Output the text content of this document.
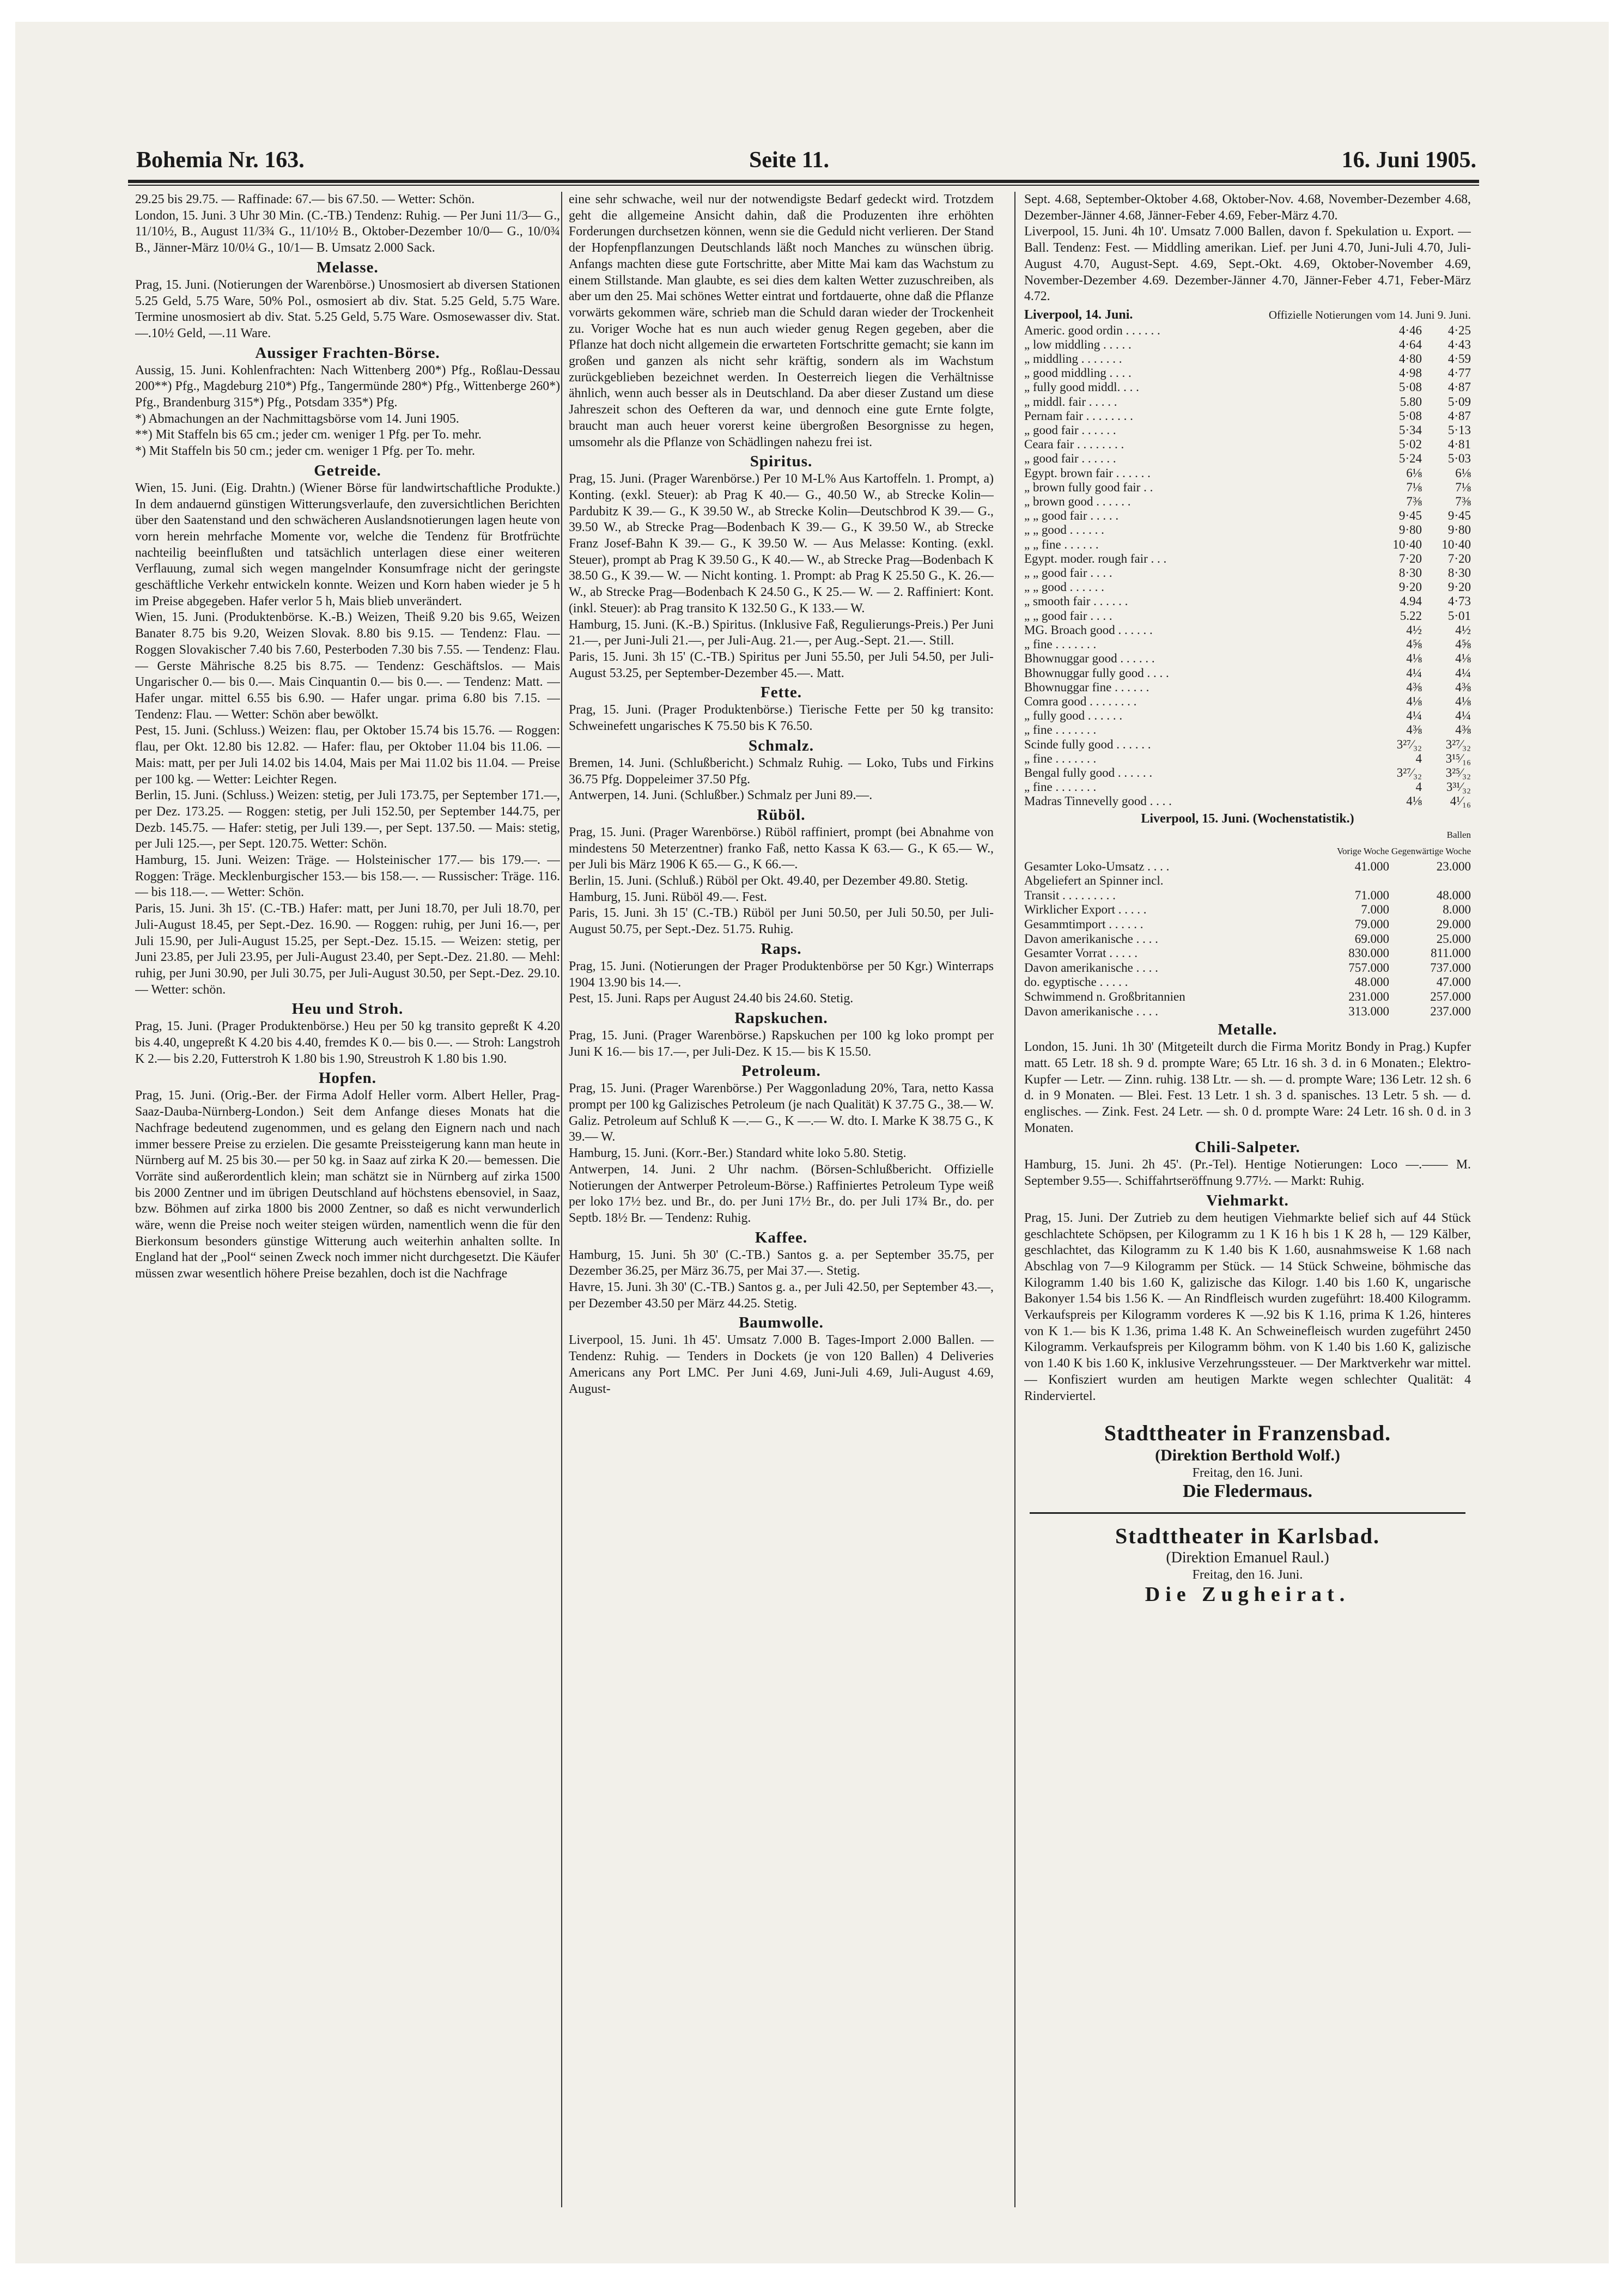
Bohemia Nr. 163.	Seite 11.	16. Juni 1905.

29.25 bis 29.75. — Raffinade: 67.— bis 67.50. — Wetter: Schön.

London, 15. Juni. 3 Uhr 30 Min. (C.-TB.) Tendenz: Ruhig. — Per Juni 11/3— G., 11/10½, B., August 11/3¾ G., 11/10½ B., Oktober-Dezember 10/0— G., 10/0¾ B., Jänner-März 10/0¼ G., 10/1— B. Umsatz 2.000 Sack.

Melasse.

Prag, 15. Juni. (Notierungen der Warenbörse.) Unosmosiert ab diversen Stationen 5.25 Geld, 5.75 Ware, 50% Pol., osmosiert ab div. Stat. 5.25 Geld, 5.75 Ware. Termine unosmosiert ab div. Stat. 5.25 Geld, 5.75 Ware. Osmosewasser div. Stat. —.10½ Geld, —.11 Ware.

Aussiger Frachten-Börse.

Aussig, 15. Juni. Kohlenfrachten: Nach Wittenberg 200*) Pfg., Roßlau-Dessau 200**) Pfg., Magdeburg 210*) Pfg., Tangermünde 280*) Pfg., Wittenberge 260*) Pfg., Brandenburg 315*) Pfg., Potsdam 335*) Pfg.

*) Abmachungen an der Nachmittagsbörse vom 14. Juni 1905.

**) Mit Staffeln bis 65 cm.; jeder cm. weniger 1 Pfg. per To. mehr.

*) Mit Staffeln bis 50 cm.; jeder cm. weniger 1 Pfg. per To. mehr.

Getreide.

Wien, 15. Juni. (Eig. Drahtn.) (Wiener Börse für landwirtschaftliche Produkte.) In dem andauernd günstigen Witterungsverlaufe, den zuversichtlichen Berichten über den Saatenstand und den schwächeren Auslandsnotierungen lagen heute von vorn herein mehrfache Momente vor, welche die Tendenz für Brotfrüchte nachteilig beeinflußten und tatsächlich unterlagen diese einer weiteren Verflauung, zumal sich wegen mangelnder Konsumfrage nicht der geringste geschäftliche Verkehr entwickeln konnte. Weizen und Korn haben wieder je 5 h im Preise abgegeben. Hafer verlor 5 h, Mais blieb unverändert.

Wien, 15. Juni. (Produktenbörse. K.-B.) Weizen, Theiß 9.20 bis 9.65, Weizen Banater 8.75 bis 9.20, Weizen Slovak. 8.80 bis 9.15. — Tendenz: Flau. — Roggen Slovakischer 7.40 bis 7.60, Pesterboden 7.30 bis 7.55. — Tendenz: Flau. — Gerste Mährische 8.25 bis 8.75. — Tendenz: Geschäftslos. — Mais Ungarischer 0.— bis 0.—. Mais Cinquantin 0.— bis 0.—. — Tendenz: Matt. — Hafer ungar. mittel 6.55 bis 6.90. — Hafer ungar. prima 6.80 bis 7.15. — Tendenz: Flau. — Wetter: Schön aber bewölkt.

Pest, 15. Juni. (Schluss.) Weizen: flau, per Oktober 15.74 bis 15.76. — Roggen: flau, per Okt. 12.80 bis 12.82. — Hafer: flau, per Oktober 11.04 bis 11.06. — Mais: matt, per per Juli 14.02 bis 14.04, Mais per Mai 11.02 bis 11.04. — Preise per 100 kg. — Wetter: Leichter Regen.

Berlin, 15. Juni. (Schluss.) Weizen: stetig, per Juli 173.75, per September 171.—, per Dez. 173.25. — Roggen: stetig, per Juli 152.50, per September 144.75, per Dezb. 145.75. — Hafer: stetig, per Juli 139.—, per Sept. 137.50. — Mais: stetig, per Juli 125.—, per Sept. 120.75. Wetter: Schön.

Hamburg, 15. Juni. Weizen: Träge. — Holsteinischer 177.— bis 179.—. — Roggen: Träge. Mecklenburgischer 153.— bis 158.—. — Russischer: Träge. 116.— bis 118.—. — Wetter: Schön.

Paris, 15. Juni. 3h 15'. (C.-TB.) Hafer: matt, per Juni 18.70, per Juli 18.70, per Juli-August 18.45, per Sept.-Dez. 16.90. — Roggen: ruhig, per Juni 16.—, per Juli 15.90, per Juli-August 15.25, per Sept.-Dez. 15.15. — Weizen: stetig, per Juni 23.85, per Juli 23.95, per Juli-August 23.40, per Sept.-Dez. 21.80. — Mehl: ruhig, per Juni 30.90, per Juli 30.75, per Juli-August 30.50, per Sept.-Dez. 29.10. — Wetter: schön.

Heu und Stroh.

Prag, 15. Juni. (Prager Produktenbörse.) Heu per 50 kg transito gepreßt K 4.20 bis 4.40, ungepreßt K 4.20 bis 4.40, fremdes K 0.— bis 0.—. — Stroh: Langstroh K 2.— bis 2.20, Futterstroh K 1.80 bis 1.90, Streustroh K 1.80 bis 1.90.

Hopfen.

Prag, 15. Juni. (Orig.-Ber. der Firma Adolf Heller vorm. Albert Heller, Prag-Saaz-Dauba-Nürnberg-London.) Seit dem Anfange dieses Monats hat die Nachfrage bedeutend zugenommen, und es gelang den Eignern nach und nach immer bessere Preise zu erzielen. Die gesamte Preissteigerung kann man heute in Nürnberg auf M. 25 bis 30.— per 50 kg. in Saaz auf zirka K 20.— bemessen. Die Vorräte sind außerordentlich klein; man schätzt sie in Nürnberg auf zirka 1500 bis 2000 Zentner und im übrigen Deutschland auf höchstens ebensoviel, in Saaz, bzw. Böhmen auf zirka 1800 bis 2000 Zentner, so daß es nicht verwunderlich wäre, wenn die Preise noch weiter steigen würden, namentlich wenn die für den Bierkonsum besonders günstige Witterung auch weiterhin anhalten sollte. In England hat der „Pool“ seinen Zweck noch immer nicht durchgesetzt. Die Käufer müssen zwar wesentlich höhere Preise bezahlen, doch ist die Nachfrage

eine sehr schwache, weil nur der notwendigste Bedarf gedeckt wird. Trotzdem geht die allgemeine Ansicht dahin, daß die Produzenten ihre erhöhten Forderungen durchsetzen können, wenn sie die Geduld nicht verlieren. Der Stand der Hopfenpflanzungen Deutschlands läßt noch Manches zu wünschen übrig. Anfangs machten diese gute Fortschritte, aber Mitte Mai kam das Wachstum zu einem Stillstande. Man glaubte, es sei dies dem kalten Wetter zuzuschreiben, als aber um den 25. Mai schönes Wetter eintrat und fortdauerte, ohne daß die Pflanze vorwärts gekommen wäre, schrieb man die Schuld daran wieder der Trockenheit zu. Voriger Woche hat es nun auch wieder genug Regen gegeben, aber die Pflanze hat doch nicht allgemein die erwarteten Fortschritte gemacht; sie kann im großen und ganzen als nicht sehr kräftig, sondern als im Wachstum zurückgeblieben bezeichnet werden. In Oesterreich liegen die Verhältnisse ähnlich, wenn auch besser als in Deutschland. Da aber dieser Zustand um diese Jahreszeit schon des Oefteren da war, und dennoch eine gute Ernte folgte, braucht man auch heuer vorerst keine übergroßen Besorgnisse zu hegen, umsomehr als die Pflanze von Schädlingen nahezu frei ist.

Spiritus.

Prag, 15. Juni. (Prager Warenbörse.) Per 10 M-L% Aus Kartoffeln. 1. Prompt, a) Konting. (exkl. Steuer): ab Prag K 40.— G., 40.50 W., ab Strecke Kolin—Pardubitz K 39.— G., K 39.50 W., ab Strecke Kolin—Deutschbrod K 39.— G., 39.50 W., ab Strecke Prag—Bodenbach K 39.— G., K 39.50 W., ab Strecke Franz Josef-Bahn K 39.— G., K 39.50 W. — Aus Melasse: Konting. (exkl. Steuer), prompt ab Prag K 39.50 G., K 40.— W., ab Strecke Prag—Bodenbach K 38.50 G., K 39.— W. — Nicht konting. 1. Prompt: ab Prag K 25.50 G., K. 26.— W., ab Strecke Prag—Bodenbach K 24.50 G., K 25.— W. — 2. Raffiniert: Kont. (inkl. Steuer): ab Prag transito K 132.50 G., K 133.— W.

Hamburg, 15. Juni. (K.-B.) Spiritus. (Inklusive Faß, Regulierungs-Preis.) Per Juni 21.—, per Juni-Juli 21.—, per Juli-Aug. 21.—, per Aug.-Sept. 21.—. Still.

Paris, 15. Juni. 3h 15' (C.-TB.) Spiritus per Juni 55.50, per Juli 54.50, per Juli-August 53.25, per September-Dezember 45.—. Matt.

Fette.

Prag, 15. Juni. (Prager Produktenbörse.) Tierische Fette per 50 kg transito: Schweinefett ungarisches K 75.50 bis K 76.50.

Schmalz.

Bremen, 14. Juni. (Schlußbericht.) Schmalz Ruhig. — Loko, Tubs und Firkins 36.75 Pfg. Doppeleimer 37.50 Pfg.

Antwerpen, 14. Juni. (Schlußber.) Schmalz per Juni 89.—.

Rüböl.

Prag, 15. Juni. (Prager Warenbörse.) Rüböl raffiniert, prompt (bei Abnahme von mindestens 50 Meterzentner) franko Faß, netto Kassa K 63.— G., K 65.— W., per Juli bis März 1906 K 65.— G., K 66.—.

Berlin, 15. Juni. (Schluß.) Rüböl per Okt. 49.40, per Dezember 49.80. Stetig.

Hamburg, 15. Juni. Rüböl 49.—. Fest.

Paris, 15. Juni. 3h 15' (C.-TB.) Rüböl per Juni 50.50, per Juli 50.50, per Juli-August 50.75, per Sept.-Dez. 51.75. Ruhig.

Raps.

Prag, 15. Juni. (Notierungen der Prager Produktenbörse per 50 Kgr.) Winterraps 1904 13.90 bis 14.—.

Pest, 15. Juni. Raps per August 24.40 bis 24.60. Stetig.

Rapskuchen.

Prag, 15. Juni. (Prager Warenbörse.) Rapskuchen per 100 kg loko prompt per Juni K 16.— bis 17.—, per Juli-Dez. K 15.— bis K 15.50.

Petroleum.

Prag, 15. Juni. (Prager Warenbörse.) Per Waggonladung 20%, Tara, netto Kassa prompt per 100 kg Galizisches Petroleum (je nach Qualität) K 37.75 G., 38.— W. Galiz. Petroleum auf Schluß K —.— G., K —.— W. dto. I. Marke K 38.75 G., K 39.— W.

Hamburg, 15. Juni. (Korr.-Ber.) Standard white loko 5.80. Stetig.

Antwerpen, 14. Juni. 2 Uhr nachm. (Börsen-Schlußbericht. Offizielle Notierungen der Antwerper Petroleum-Börse.) Raffiniertes Petroleum Type weiß per loko 17½ bez. und Br., do. per Juni 17½ Br., do. per Juli 17¾ Br., do. per Septb. 18½ Br. — Tendenz: Ruhig.

Kaffee.

Hamburg, 15. Juni. 5h 30' (C.-TB.) Santos g. a. per September 35.75, per Dezember 36.25, per März 36.75, per Mai 37.—. Stetig.

Havre, 15. Juni. 3h 30' (C.-TB.) Santos g. a., per Juli 42.50, per September 43.—, per Dezember 43.50 per März 44.25. Stetig.

Baumwolle.

Liverpool, 15. Juni. 1h 45'. Umsatz 7.000 B. Tages-Import 2.000 Ballen. — Tendenz: Ruhig. — Tenders in Dockets (je von 120 Ballen) 4 Deliveries Americans any Port LMC. Per Juni 4.69, Juni-Juli 4.69, Juli-August 4.69, August-

Sept. 4.68, September-Oktober 4.68, Oktober-Nov. 4.68, November-Dezember 4.68, Dezember-Jänner 4.68, Jänner-Feber 4.69, Feber-März 4.70.

Liverpool, 15. Juni. 4h 10'. Umsatz 7.000 Ballen, davon f. Spekulation u. Export. — Ball. Tendenz: Fest. — Middling amerikan. Lief. per Juni 4.70, Juni-Juli 4.70, Juli-August 4.70, August-Sept. 4.69, Sept.-Okt. 4.69, Oktober-November 4.69, November-Dezember 4.69. Dezember-Jänner 4.70, Jänner-Feber 4.71, Feber-März 4.72.

Liverpool, 14. Juni.	Offizielle Notierungen vom 14. Juni 9. Juni.
Americ. good ordin . . . . . .	4·46	4·25
„ low middling . . . . .	4·64	4·43
„ middling . . . . . . .	4·80	4·59
„ good middling . . . .	4·98	4·77
„ fully good middl. . . .	5·08	4·87
„ middl. fair . . . . .	5.80	5·09
Pernam fair . . . . . . . .	5·08	4·87
„ good fair . . . . . .	5·34	5·13
Ceara fair . . . . . . . .	5·02	4·81
„ good fair . . . . . .	5·24	5·03
Egypt. brown fair . . . . . .	6⅛	6⅛
„ brown fully good fair . .	7⅛	7⅛
„ brown good . . . . . .	7⅜	7⅜
„ „ good fair . . . . .	9·45	9·45
„ „ good . . . . . .	9·80	9·80
„ „ fine . . . . . .	10·40	10·40
Egypt. moder. rough fair . . .	7·20	7·20
„ „ good fair . . . .	8·30	8·30
„ „ good . . . . . .	9·20	9·20
„ smooth fair . . . . . .	4.94	4·73
„ „ good fair . . . .	5.22	5·01
MG. Broach good . . . . . .	4½	4½
„ fine . . . . . . .	4⅝	4⅝
Bhownuggar good . . . . . .	4⅛	4⅛
Bhownuggar fully good . . . .	4¼	4¼
Bhownuggar fine . . . . . .	4⅜	4⅜
Comra good . . . . . . . .	4⅛	4⅛
„ fully good . . . . . .	4¼	4¼
„ fine . . . . . . .	4⅜	4⅜
Scinde fully good . . . . . .	3²⁷⁄₃₂	3²⁷⁄₃₂
„ fine . . . . . . .	4	3¹⁵⁄₁₆
Bengal fully good . . . . . .	3²⁷⁄₃₂	3²⁵⁄₃₂
„ fine . . . . . . .	4	3³¹⁄₃₂
Madras Tinnevelly good . . . .	4⅛	4¹⁄₁₆
Liverpool, 15. Juni. (Wochenstatistik.)
Ballen
Vorige Woche Gegenwärtige Woche
Gesamter Loko-Umsatz . . . .	41.000	23.000
Abgeliefert an Spinner incl.		
Transit . . . . . . . . .	71.000	48.000
Wirklicher Export . . . . .	7.000	8.000
Gesammtimport . . . . . .	79.000	29.000
Davon amerikanische . . . .	69.000	25.000
Gesamter Vorrat . . . . .	830.000	811.000
Davon amerikanische . . . .	757.000	737.000
do. egyptische . . . . .	48.000	47.000
Schwimmend n. Großbritannien	231.000	257.000
Davon amerikanische . . . .	313.000	237.000
Metalle.

London, 15. Juni. 1h 30' (Mitgeteilt durch die Firma Moritz Bondy in Prag.) Kupfer matt. 65 Letr. 18 sh. 9 d. prompte Ware; 65 Ltr. 16 sh. 3 d. in 6 Monaten.; Elektro-Kupfer — Letr. — Zinn. ruhig. 138 Ltr. — sh. — d. prompte Ware; 136 Letr. 12 sh. 6 d. in 9 Monaten. — Blei. Fest. 13 Letr. 1 sh. 3 d. spanisches. 13 Letr. 5 sh. — d. englisches. — Zink. Fest. 24 Letr. — sh. 0 d. prompte Ware: 24 Letr. 16 sh. 0 d. in 3 Monaten.

Chili-Salpeter.

Hamburg, 15. Juni. 2h 45'. (Pr.-Tel). Hentige Notierungen: Loco —.—— M. September 9.55—. Schiffahrtseröffnung 9.77½. — Markt: Ruhig.

Viehmarkt.

Prag, 15. Juni. Der Zutrieb zu dem heutigen Viehmarkte belief sich auf 44 Stück geschlachtete Schöpsen, per Kilogramm zu 1 K 16 h bis 1 K 28 h, — 129 Kälber, geschlachtet, das Kilogramm zu K 1.40 bis K 1.60, ausnahmsweise K 1.68 nach Abschlag von 7—9 Kilogramm per Stück. — 14 Stück Schweine, böhmische das Kilogramm 1.40 bis 1.60 K, galizische das Kilogr. 1.40 bis 1.60 K, ungarische Bakonyer 1.54 bis 1.56 K. — An Rindfleisch wurden zugeführt: 18.400 Kilogramm. Verkaufspreis per Kilogramm vorderes K —.92 bis K 1.16, prima K 1.26, hinteres von K 1.— bis K 1.36, prima 1.48 K. An Schweinefleisch wurden zugeführt 2450 Kilogramm. Verkaufspreis per Kilogramm böhm. von K 1.40 bis 1.60 K, galizische von 1.40 K bis 1.60 K, inklusive Verzehrungssteuer. — Der Marktverkehr war mittel. — Konfisziert wurden am heutigen Markte wegen schlechter Qualität: 4 Rinderviertel.

Stadttheater in Franzensbad.
(Direktion Berthold Wolf.)
Freitag, den 16. Juni.
Die Fledermaus.
Stadttheater in Karlsbad.
(Direktion Emanuel Raul.)
Freitag, den 16. Juni.
Die Zugheirat.
